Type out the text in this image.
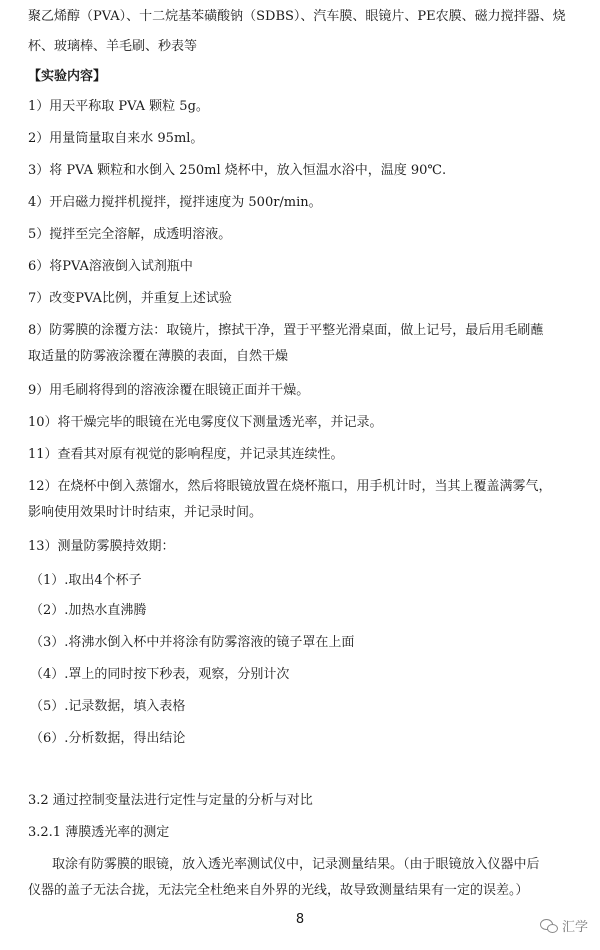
聚乙烯醇（PVA）、十二烷基苯磺酸钠（SDBS）、汽车膜、眼镜片、PE农膜、磁力搅拌器、烧
杯、玻璃棒、羊毛刷、秒表等
【实验内容】
1）用天平称取 PVA 颗粒 5g。
2）用量筒量取自来水 95ml。
3）将 PVA 颗粒和水倒入 250ml 烧杯中，放入恒温水浴中，温度 90℃.
4）开启磁力搅拌机搅拌，搅拌速度为 500r/min。
5）搅拌至完全溶解，成透明溶液。
6）将PVA溶液倒入试剂瓶中
7）改变PVA比例，并重复上述试验
8）防雾膜的涂覆方法：取镜片，擦拭干净，置于平整光滑桌面，做上记号，最后用毛刷蘸
取适量的防雾液涂覆在薄膜的表面，自然干燥
9）用毛刷将得到的溶液涂覆在眼镜正面并干燥。
10）将干燥完毕的眼镜在光电雾度仪下测量透光率，并记录。
11）查看其对原有视觉的影响程度，并记录其连续性。
12）在烧杯中倒入蒸馏水，然后将眼镜放置在烧杯瓶口，用手机计时，当其上覆盖满雾气，
影响使用效果时计时结束，并记录时间。
13）测量防雾膜持效期：
（1）.取出4个杯子
（2）.加热水直沸腾
（3）.将沸水倒入杯中并将涂有防雾溶液的镜子罩在上面
（4）.罩上的同时按下秒表，观察，分别计次
（5）.记录数据，填入表格
（6）.分析数据，得出结论
3.2 通过控制变量法进行定性与定量的分析与对比
3.2.1 薄膜透光率的测定
取涂有防雾膜的眼镜，放入透光率测试仪中，记录测量结果。（由于眼镜放入仪器中后
仪器的盖子无法合拢，无法完全杜绝来自外界的光线，故导致测量结果有一定的误差。）
8
汇学
